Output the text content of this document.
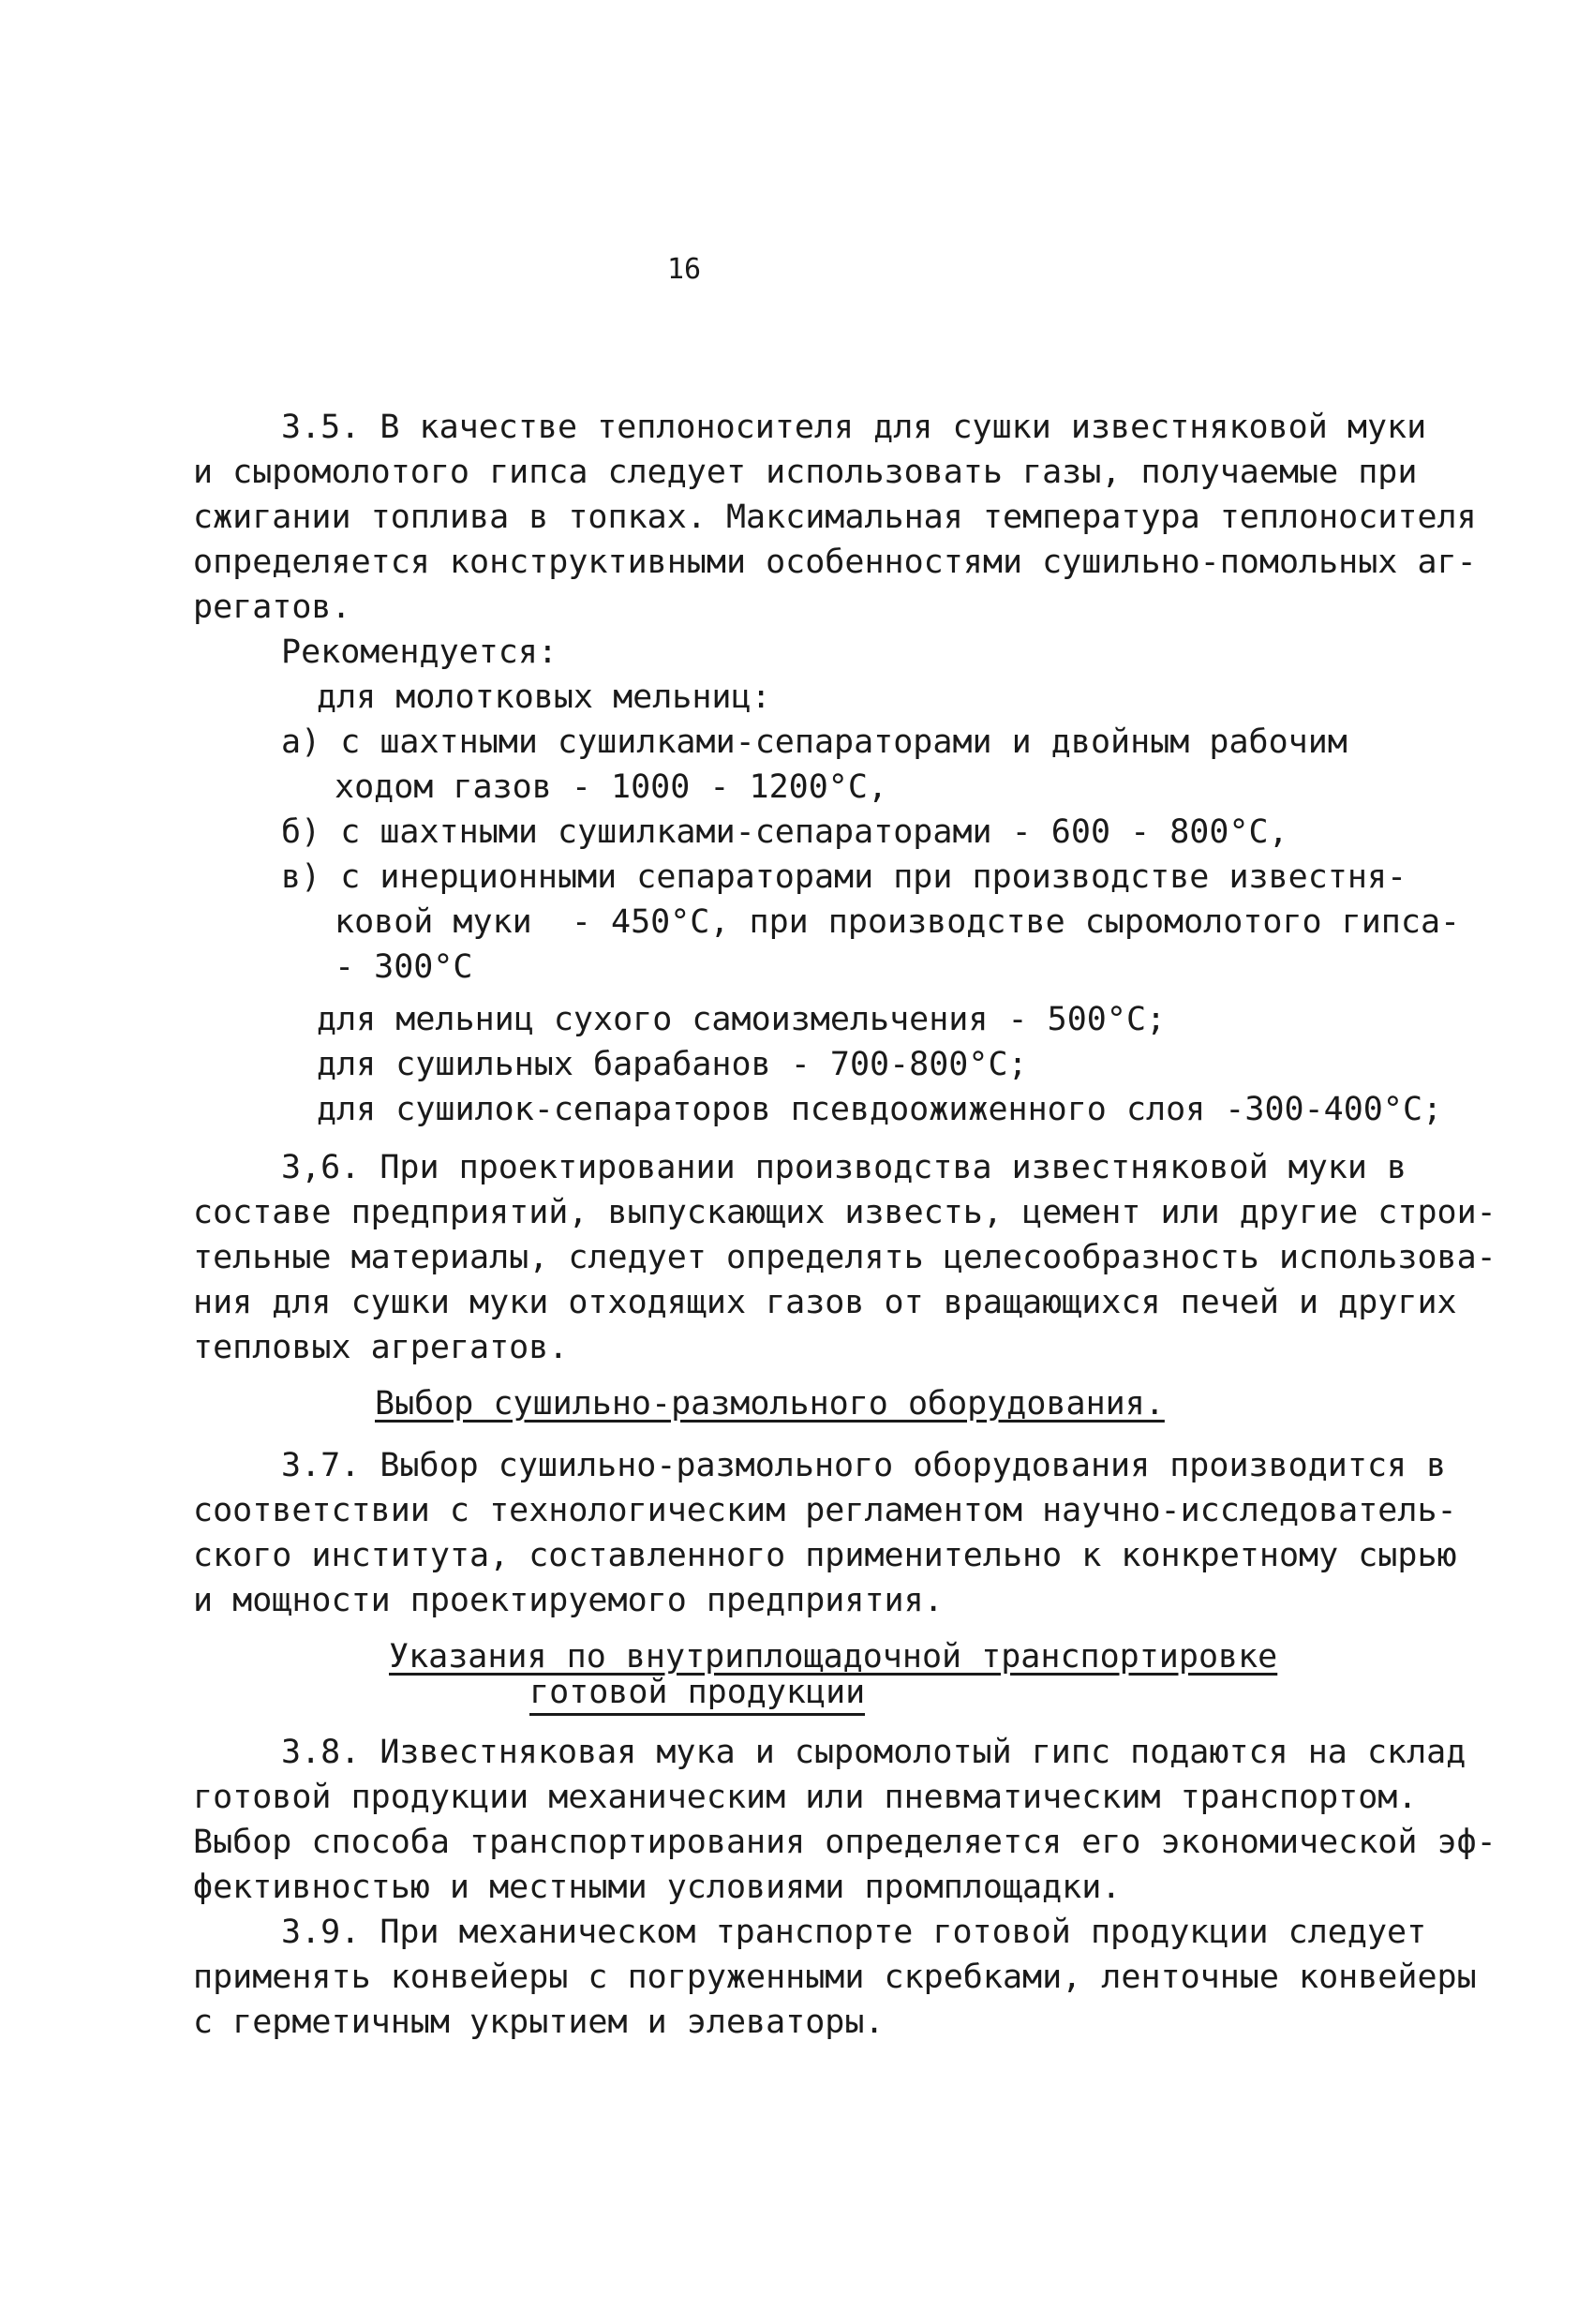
16
3.5. В качестве теплоносителя для сушки известняковой муки
и сыромолотого гипса следует использовать газы, получаемые при
сжигании топлива в топках. Максимальная температура теплоносителя
определяется конструктивными особенностями сушильно-помольных аг-
регатов.
Рекомендуется:
для молотковых мельниц:
а) с шахтными сушилками-сепараторами и двойным рабочим
ходом газов - 1000 - 1200°С,
б) с шахтными сушилками-сепараторами - 600 - 800°С,
в) с инерционными сепараторами при производстве известня-
ковой муки  - 450°С, при производстве сыромолотого гипса-
- 300°С
для мельниц сухого самоизмельчения - 500°С;
для сушильных барабанов - 700-800°С;
для сушилок-сепараторов псевдоожиженного слоя -300-400°С;
3,6. При проектировании производства известняковой муки в
составе предприятий, выпускающих известь, цемент или другие строи-
тельные материалы, следует определять целесообразность использова-
ния для сушки муки отходящих газов от вращающихся печей и других
тепловых агрегатов.
Выбор сушильно-размольного оборудования.
3.7. Выбор сушильно-размольного оборудования производится в
соответствии с технологическим регламентом научно-исследователь-
ского института, составленного применительно к конкретному сырью
и мощности проектируемого предприятия.
Указания по внутриплощадочной транспортировке
готовой продукции
3.8. Известняковая мука и сыромолотый гипс подаются на склад
готовой продукции механическим или пневматическим транспортом.
Выбор способа транспортирования определяется его экономической эф-
фективностью и местными условиями промплощадки.
3.9. При механическом транспорте готовой продукции следует
применять конвейеры с погруженными скребками, ленточные конвейеры
с герметичным укрытием и элеваторы.
